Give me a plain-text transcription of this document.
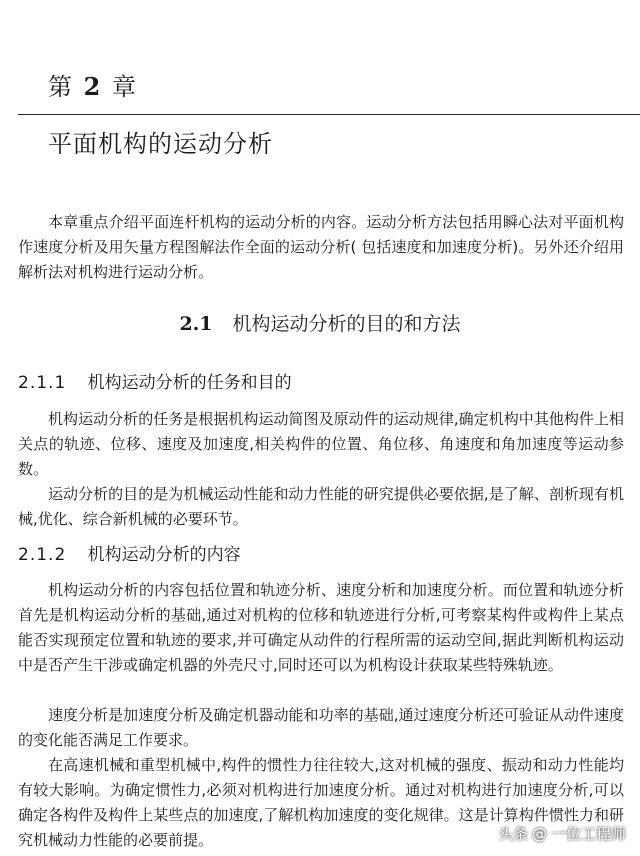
第 2 章
平面机构的运动分析

本章重点介绍平面连杆机构的运动分析的内容。运动分析方法包括用瞬心法对平面机构作速度分析及用矢量方程图解法作全面的运动分析( 包括速度和加速度分析)。另外还介绍用解析法对机构进行运动分析。

2.1 机构运动分析的目的和方法
2.1.1 机构运动分析的任务和目的

机构运动分析的任务是根据机构运动简图及原动件的运动规律,确定机构中其他构件上相关点的轨迹、位移、速度及加速度,相关构件的位置、角位移、角速度和角加速度等运动参数。

运动分析的目的是为机械运动性能和动力性能的研究提供必要依据,是了解、剖析现有机械,优化、综合新机械的必要环节。

2.1.2 机构运动分析的内容

机构运动分析的内容包括位置和轨迹分析、速度分析和加速度分析。而位置和轨迹分析首先是机构运动分析的基础,通过对机构的位移和轨迹进行分析,可考察某构件或构件上某点能否实现预定位置和轨迹的要求,并可确定从动件的行程所需的运动空间,据此判断机构运动中是否产生干涉或确定机器的外壳尺寸,同时还可以为机构设计获取某些特殊轨迹。

速度分析是加速度分析及确定机器动能和功率的基础,通过速度分析还可验证从动件速度的变化能否满足工作要求。

在高速机械和重型机械中,构件的惯性力往往较大,这对机械的强度、振动和动力性能均有较大影响。为确定惯性力,必须对机构进行加速度分析。通过对机构进行加速度分析,可以确定各构件及构件上某些点的加速度,了解机构加速度的变化规律。这是计算构件惯性力和研究机械动力性能的必要前提。	头条 @ 一位工程师
